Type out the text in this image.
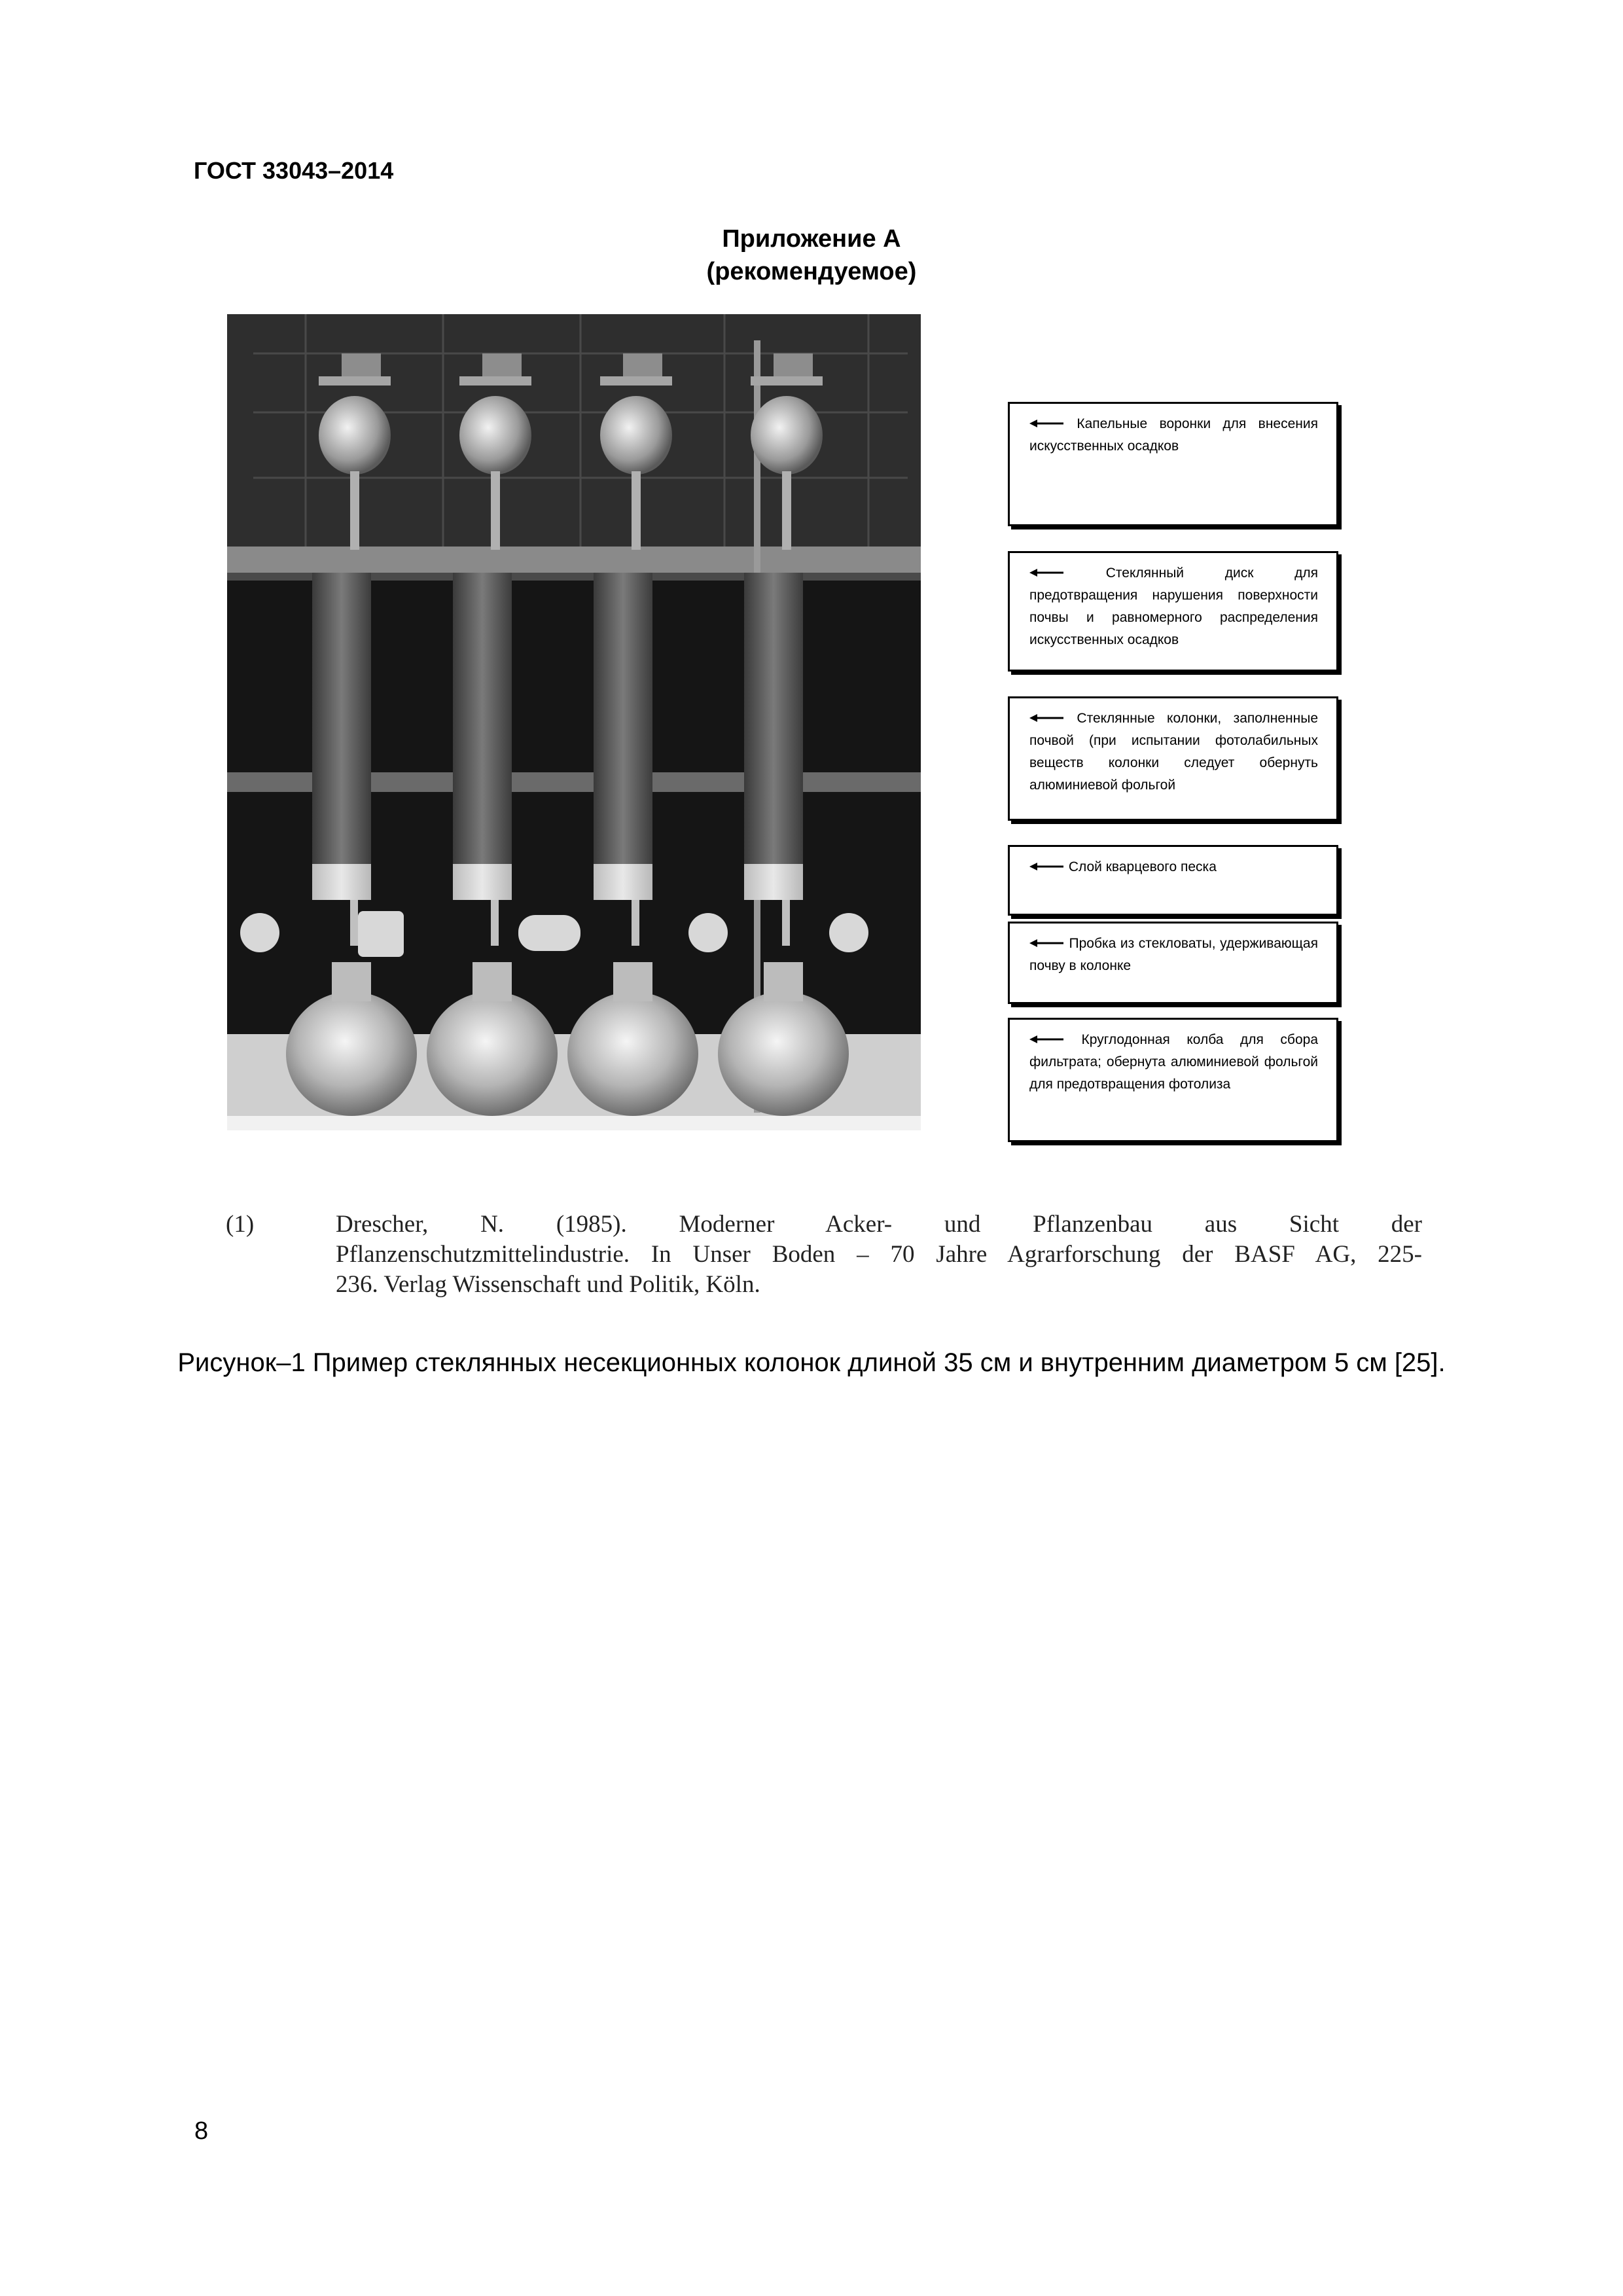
ГОСТ 33043–2014
Приложение А
(рекомендуемое)
Капельные воронки для внесения искусственных осадков
Стеклянный диск для предотвращения нарушения поверхности почвы и равномерного распределения искусственных осадков
Стеклянные колонки, заполненные почвой (при испытании фотолабильных веществ колонки следует обернуть алюминиевой фольгой
Слой кварцевого песка
Пробка из стекловаты, удерживающая почву в колонке
Круглодонная колба для сбора фильтрата; обернута алюминиевой фольгой для предотвращения фотолиза
(1)	Drescher, N. (1985). Moderner Acker- und Pflanzenbau aus Sicht der
Pflanzenschutzmittelindustrie. In Unser Boden – 70 Jahre Agrarforschung der BASF AG, 225-
236. Verlag Wissenschaft und Politik, Köln.
Рисунок–1 Пример стеклянных несекционных колонок длиной 35 см и внутренним диаметром 5 см [25].
8
